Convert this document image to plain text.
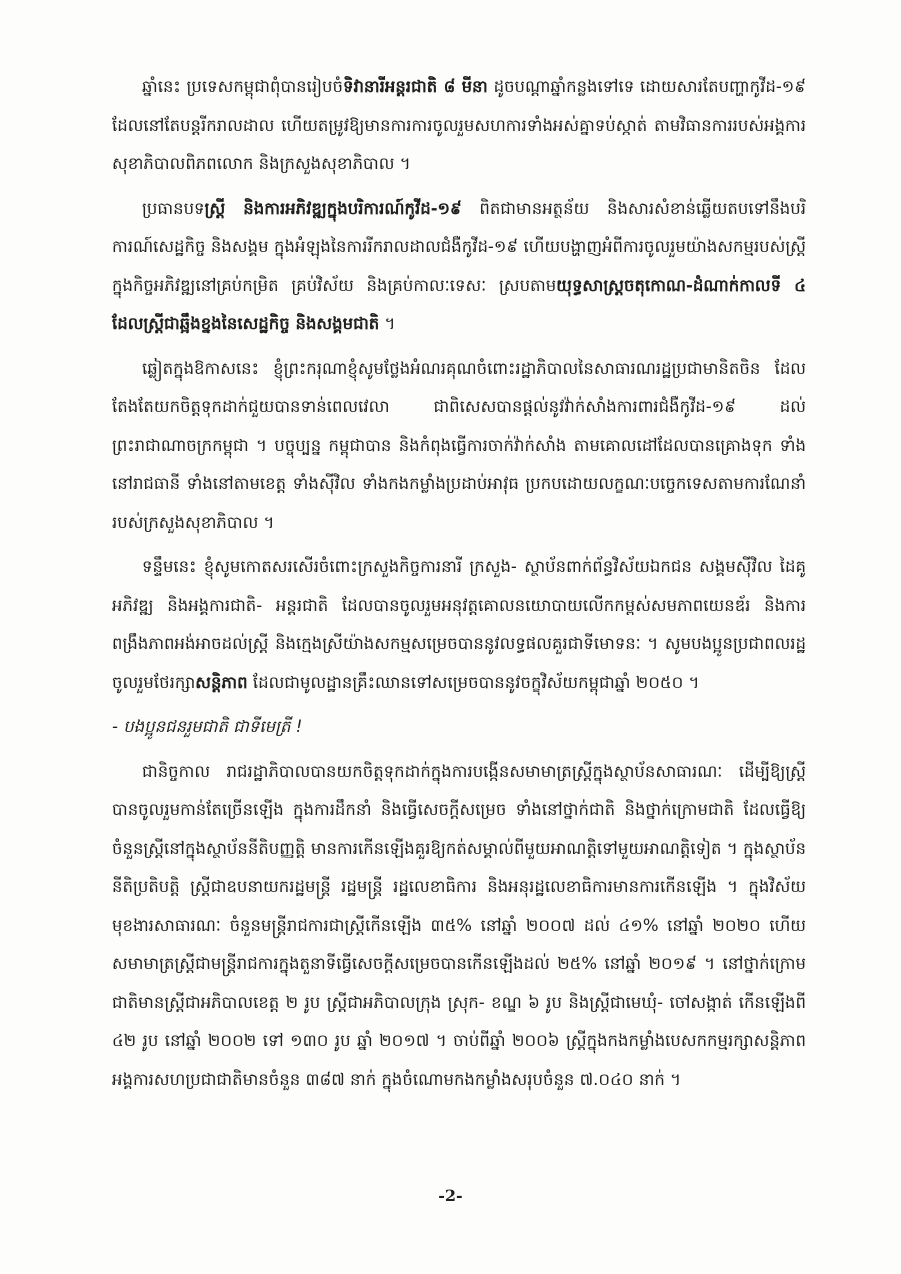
ឆ្នាំនេះ ប្រទេសកម្ពុជាពុំបានរៀបចំទិវានារីអន្តរជាតិ ៨ មីនា ដូចបណ្តាឆ្នាំកន្លងទៅទេ ដោយសារតែបញ្ហាកូវីដ-១៩ ដែលនៅតែបន្តរីករាលដាល ហើយតម្រូវឱ្យមានការការចូលរួមសហការទាំងអស់គ្នាទប់ស្កាត់ តាមវិធានការរបស់អង្គការសុខាភិបាលពិភពលោក និងក្រសួងសុខាភិបាល ។

ប្រធានបទស្ត្រី និងការអភិវឌ្ឍក្នុងបរិការណ៍កូវីដ-១៩ ពិតជាមានអត្ថន័យ និងសារសំខាន់ឆ្លើយតបទៅនឹងបរិការណ៍សេដ្ឋកិច្ច និងសង្គម ក្នុងអំឡុងនៃការរីករាលដាលជំងឺកូវីដ-១៩ ហើយបង្ហាញអំពីការចូលរួមយ៉ាងសកម្មរបស់ស្ត្រីក្នុងកិច្ចអភិវឌ្ឍនៅគ្រប់កម្រិត គ្រប់វិស័យ និងគ្រប់កាលៈទេសៈ ស្របតាមយុទ្ធសាស្ត្រចតុកោណ-ដំណាក់កាលទី ៤ ដែលស្ត្រីជាឆ្អឹងខ្នងនៃសេដ្ឋកិច្ច និងសង្គមជាតិ ។

ឆ្លៀតក្នុងឱកាសនេះ ខ្ញុំព្រះករុណាខ្ញុំសូមថ្លែងអំណរគុណចំពោះរដ្ឋាភិបាលនៃសាធារណរដ្ឋប្រជាមានិតចិន ដែលតែងតែយកចិត្តទុកដាក់ជួយបានទាន់ពេលវេលា ជាពិសេសបានផ្តល់នូវវ៉ាក់សាំងការពារជំងឺកូវីដ-១៩ ដល់ព្រះរាជាណាចក្រកម្ពុជា ។ បច្ចុប្បន្ន កម្ពុជាបាន និងកំពុងធ្វើការចាក់វ៉ាក់សាំង តាមគោលដៅដែលបានគ្រោងទុក ទាំងនៅរាជធានី ទាំងនៅតាមខេត្ត ទាំងស៊ីវិល ទាំងកងកម្លាំងប្រដាប់អាវុធ ប្រកបដោយលក្ខណៈបច្ចេកទេសតាមការណែនាំរបស់ក្រសួងសុខាភិបាល ។

ទន្ទឹមនេះ ខ្ញុំសូមកោតសរសើរចំពោះក្រសួងកិច្ចការនារី ក្រសួង- ស្ថាប័នពាក់ព័ន្ធវិស័យឯកជន សង្គមស៊ីវិល ដៃគូអភិវឌ្ឍ និងអង្គការជាតិ- អន្តរជាតិ ដែលបានចូលរួមអនុវត្តគោលនយោបាយលើកកម្ពស់សមភាពយេនឌ័រ និងការពង្រឹងភាពអង់អាចដល់ស្ត្រី និងក្មេងស្រីយ៉ាងសកម្មសម្រេចបាននូវលទ្ធផលគួរជាទីមោទនៈ ។ សូមបងប្អូនប្រជាពលរដ្ឋចូលរួមថែរក្សាសន្តិភាព ដែលជាមូលដ្ឋានគ្រឹះឈានទៅសម្រេចបាននូវចក្ខុវិស័យកម្ពុជាឆ្នាំ ២០៥០ ។

- បងប្អូនជនរួមជាតិ ជាទីមេត្រី !

ជានិច្ចកាល រាជរដ្ឋាភិបាលបានយកចិត្តទុកដាក់ក្នុងការបង្កើនសមាមាត្រស្ត្រីក្នុងស្ថាប័នសាធារណៈ ដើម្បីឱ្យស្ត្រីបានចូលរួមកាន់តែច្រើនឡើង ក្នុងការដឹកនាំ និងធ្វើសេចក្តីសម្រេច ទាំងនៅថ្នាក់ជាតិ និងថ្នាក់ក្រោមជាតិ ដែលធ្វើឱ្យចំនួនស្ត្រីនៅក្នុងស្ថាប័ននីតិបញ្ញត្តិ មានការកើនឡើងគួរឱ្យកត់សម្គាល់ពីមួយអាណត្តិទៅមួយអាណត្តិទៀត ។ ក្នុងស្ថាប័ននីតិប្រតិបត្តិ ស្ត្រីជាឧបនាយករដ្ឋមន្ត្រី រដ្ឋមន្ត្រី រដ្ឋលេខាធិការ និងអនុរដ្ឋលេខាធិការមានការកើនឡើង ។ ក្នុងវិស័យមុខងារសាធារណៈ ចំនួនមន្ត្រីរាជការជាស្ត្រីកើនឡើង ៣៥% នៅឆ្នាំ ២០០៧ ដល់ ៤១% នៅឆ្នាំ ២០២០ ហើយសមាមាត្រស្ត្រីជាមន្ត្រីរាជការក្នុងតួនាទីធ្វើសេចក្តីសម្រេចបានកើនឡើងដល់ ២៥% នៅឆ្នាំ ២០១៩ ។ នៅថ្នាក់ក្រោមជាតិមានស្ត្រីជាអភិបាលខេត្ត ២ រូប ស្ត្រីជាអភិបាលក្រុង ស្រុក- ខណ្ឌ ៦ រូប និងស្ត្រីជាមេឃុំ- ចៅសង្កាត់ កើនឡើងពី ៤២ រូប នៅឆ្នាំ ២០០២ ទៅ ១៣០ រូប ឆ្នាំ ២០១៧ ។ ចាប់ពីឆ្នាំ ២០០៦ ស្ត្រីក្នុងកងកម្លាំងបេសកកម្មរក្សាសន្តិភាពអង្គការសហប្រជាជាតិមានចំនួន ៣៨៧ នាក់ ក្នុងចំណោមកងកម្លាំងសរុបចំនួន ៧.០៤០ នាក់ ។

-2-
